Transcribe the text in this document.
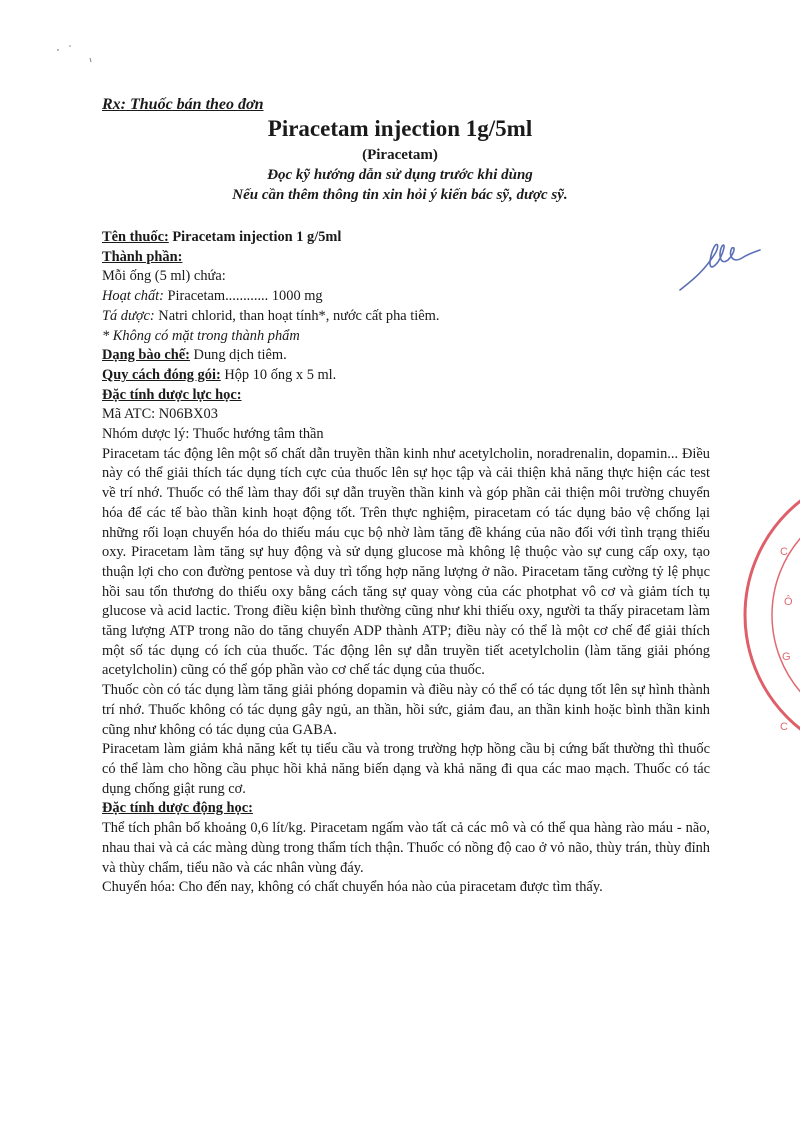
Rx: Thuốc bán theo đơn
Piracetam injection 1g/5ml
(Piracetam)
Đọc kỹ hướng dẫn sử dụng trước khi dùng
Nếu cần thêm thông tin xin hỏi ý kiến bác sỹ, dược sỹ.
C
Ô
G
C

Tên thuốc: Piracetam injection 1 g/5ml

Thành phần:

Mỗi ống (5 ml) chứa:

Hoạt chất: Piracetam............ 1000 mg

Tá dược: Natri chlorid, than hoạt tính*, nước cất pha tiêm.

* Không có mặt trong thành phẩm

Dạng bào chế: Dung dịch tiêm.

Quy cách đóng gói: Hộp 10 ống x 5 ml.

Đặc tính dược lực học:

Mã ATC: N06BX03

Nhóm dược lý: Thuốc hướng tâm thần

Piracetam tác động lên một số chất dẫn truyền thần kinh như acetylcholin, noradrenalin, dopamin... Điều này có thể giải thích tác dụng tích cực của thuốc lên sự học tập và cải thiện khả năng thực hiện các test về trí nhớ. Thuốc có thể làm thay đổi sự dẫn truyền thần kinh và góp phần cải thiện môi trường chuyển hóa để các tế bào thần kinh hoạt động tốt. Trên thực nghiệm, piracetam có tác dụng bảo vệ chống lại những rối loạn chuyển hóa do thiếu máu cục bộ nhờ làm tăng đề kháng của não đối với tình trạng thiếu oxy. Piracetam làm tăng sự huy động và sử dụng glucose mà không lệ thuộc vào sự cung cấp oxy, tạo thuận lợi cho con đường pentose và duy trì tổng hợp năng lượng ở não. Piracetam tăng cường tỷ lệ phục hồi sau tổn thương do thiếu oxy bằng cách tăng sự quay vòng của các photphat vô cơ và giảm tích tụ glucose và acid lactic. Trong điều kiện bình thường cũng như khi thiếu oxy, người ta thấy piracetam làm tăng lượng ATP trong não do tăng chuyển ADP thành ATP; điều này có thể là một cơ chế để giải thích một số tác dụng có ích của thuốc. Tác động lên sự dẫn truyền tiết acetylcholin (làm tăng giải phóng acetylcholin) cũng có thể góp phần vào cơ chế tác dụng của thuốc.

Thuốc còn có tác dụng làm tăng giải phóng dopamin và điều này có thể có tác dụng tốt lên sự hình thành trí nhớ. Thuốc không có tác dụng gây ngủ, an thần, hồi sức, giảm đau, an thần kinh hoặc bình thần kinh cũng như không có tác dụng của GABA.

Piracetam làm giảm khả năng kết tụ tiểu cầu và trong trường hợp hồng cầu bị cứng bất thường thì thuốc có thể làm cho hồng cầu phục hồi khả năng biến dạng và khả năng đi qua các mao mạch. Thuốc có tác dụng chống giật rung cơ.

Đặc tính dược động học:

Thể tích phân bố khoảng 0,6 lít/kg. Piracetam ngấm vào tất cả các mô và có thể qua hàng rào máu - não, nhau thai và cả các màng dùng trong thẩm tích thận. Thuốc có nồng độ cao ở vỏ não, thùy trán, thùy đỉnh và thùy chẩm, tiểu não và các nhân vùng đáy.

Chuyển hóa: Cho đến nay, không có chất chuyển hóa nào của piracetam được tìm thấy.
